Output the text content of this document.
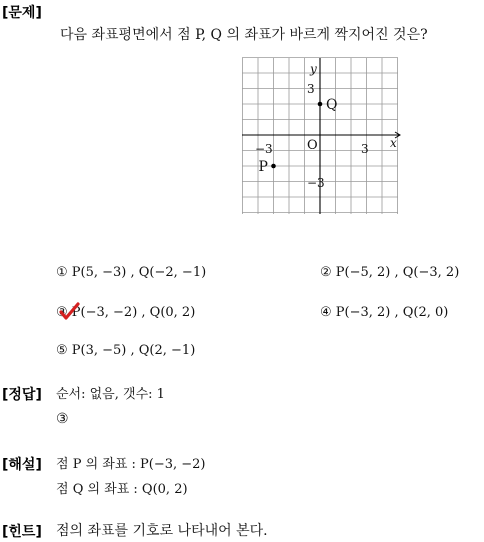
[문제]
다음 좌표평면에서 점 P, Q 의 좌표가 바르게 짝지어진 것은?
y
x
O
3
−3
3
−3
P
Q
① P(5, −3) , Q(−2, −1)	② P(−5, 2) , Q(−3, 2)
③ P(−3, −2) , Q(0, 2)	④ P(−3, 2) , Q(2, 0)
⑤ P(3, −5) , Q(2, −1)
[정답] 순서: 없음, 갯수: 1
③
[해설] 점 P 의 좌표 : P(−3, −2)
점 Q 의 좌표 : Q(0, 2)
[힌트] 점의 좌표를 기호로 나타내어 본다.
